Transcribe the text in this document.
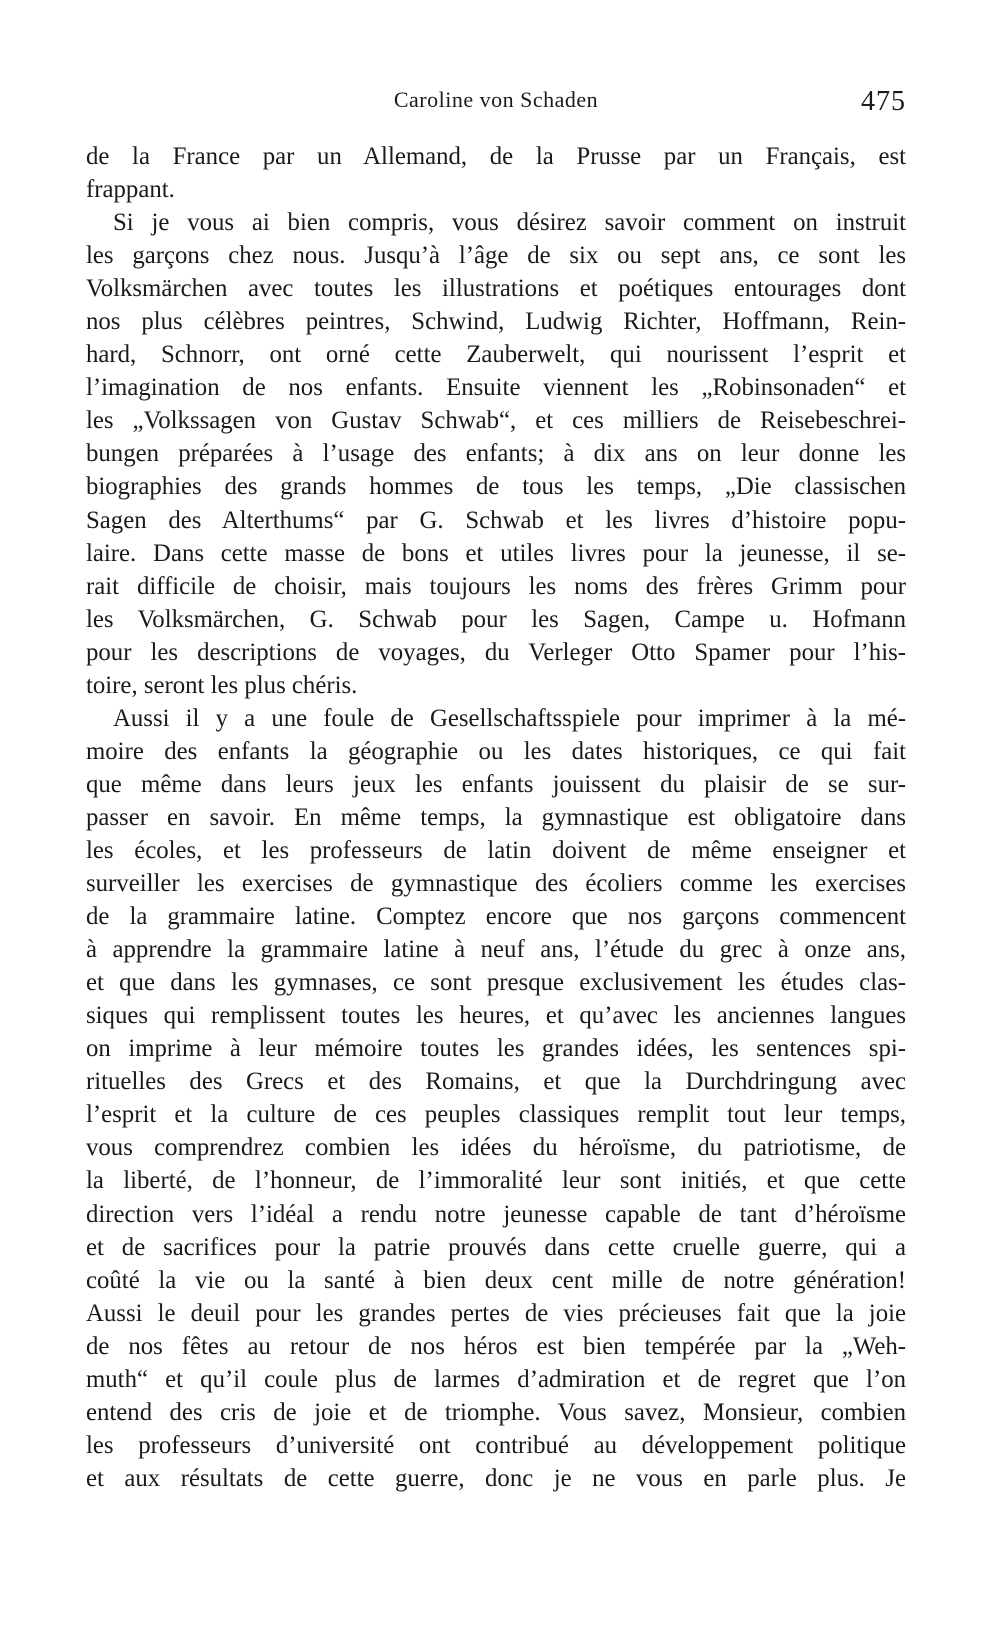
Caroline von Schaden	475
de la France par un Allemand, de la Prusse par un Français, est
frappant.
Si je vous ai bien compris, vous désirez savoir comment on instruit
les garçons chez nous. Jusqu’à l’âge de six ou sept ans, ce sont les
Volksmärchen avec toutes les illustrations et poétiques entourages dont
nos plus célèbres peintres, Schwind, Ludwig Richter, Hoffmann, Rein-
hard, Schnorr, ont orné cette Zauberwelt, qui nourissent l’esprit et
l’imagination de nos enfants. Ensuite viennent les „Robinsonaden“ et
les „Volkssagen von Gustav Schwab“, et ces milliers de Reisebeschrei-
bungen préparées à l’usage des enfants; à dix ans on leur donne les
biographies des grands hommes de tous les temps, „Die classischen
Sagen des Alterthums“ par G. Schwab et les livres d’histoire popu-
laire. Dans cette masse de bons et utiles livres pour la jeunesse, il se-
rait difficile de choisir, mais toujours les noms des frères Grimm pour
les Volksmärchen, G. Schwab pour les Sagen, Campe u. Hofmann
pour les descriptions de voyages, du Verleger Otto Spamer pour l’his-
toire, seront les plus chéris.
Aussi il y a une foule de Gesellschaftsspiele pour imprimer à la mé-
moire des enfants la géographie ou les dates historiques, ce qui fait
que même dans leurs jeux les enfants jouissent du plaisir de se sur-
passer en savoir. En même temps, la gymnastique est obligatoire dans
les écoles, et les professeurs de latin doivent de même enseigner et
surveiller les exercises de gymnastique des écoliers comme les exercises
de la grammaire latine. Comptez encore que nos garçons commencent
à apprendre la grammaire latine à neuf ans, l’étude du grec à onze ans,
et que dans les gymnases, ce sont presque exclusivement les études clas-
siques qui remplissent toutes les heures, et qu’avec les anciennes langues
on imprime à leur mémoire toutes les grandes idées, les sentences spi-
rituelles des Grecs et des Romains, et que la Durchdringung avec
l’esprit et la culture de ces peuples classiques remplit tout leur temps,
vous comprendrez combien les idées du héroïsme, du patriotisme, de
la liberté, de l’honneur, de l’immoralité leur sont initiés, et que cette
direction vers l’idéal a rendu notre jeunesse capable de tant d’héroïsme
et de sacrifices pour la patrie prouvés dans cette cruelle guerre, qui a
coûté la vie ou la santé à bien deux cent mille de notre génération!
Aussi le deuil pour les grandes pertes de vies précieuses fait que la joie
de nos fêtes au retour de nos héros est bien tempérée par la „Weh-
muth“ et qu’il coule plus de larmes d’admiration et de regret que l’on
entend des cris de joie et de triomphe. Vous savez, Monsieur, combien
les professeurs d’université ont contribué au développement politique
et aux résultats de cette guerre, donc je ne vous en parle plus. Je
